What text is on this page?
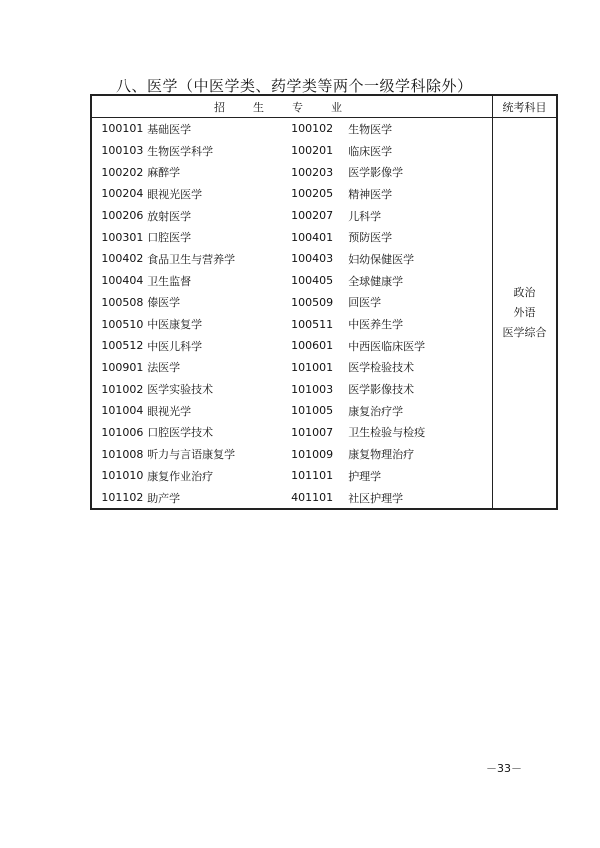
八、医学（中医学类、药学类等两个一级学科除外）
招生专业					统考科目
	100101	基础医学	100102	生物医学	政治
外语
医学综合

	100103	生物医学科学	100201	临床医学	
	100202	麻醉学	100203	医学影像学	
	100204	眼视光医学	100205	精神医学	
	100206	放射医学	100207	儿科学	
	100301	口腔医学	100401	预防医学	
	100402	食品卫生与营养学	100403	妇幼保健医学	
	100404	卫生监督	100405	全球健康学	
	100508	傣医学	100509	回医学	
	100510	中医康复学	100511	中医养生学	
	100512	中医儿科学	100601	中西医临床医学	
	100901	法医学	101001	医学检验技术	
	101002	医学实验技术	101003	医学影像技术	
	101004	眼视光学	101005	康复治疗学	
	101006	口腔医学技术	101007	卫生检验与检疫	
	101008	听力与言语康复学	101009	康复物理治疗	
	101010	康复作业治疗	101101	护理学	
	101102	助产学	401101	社区护理学	
－33－
